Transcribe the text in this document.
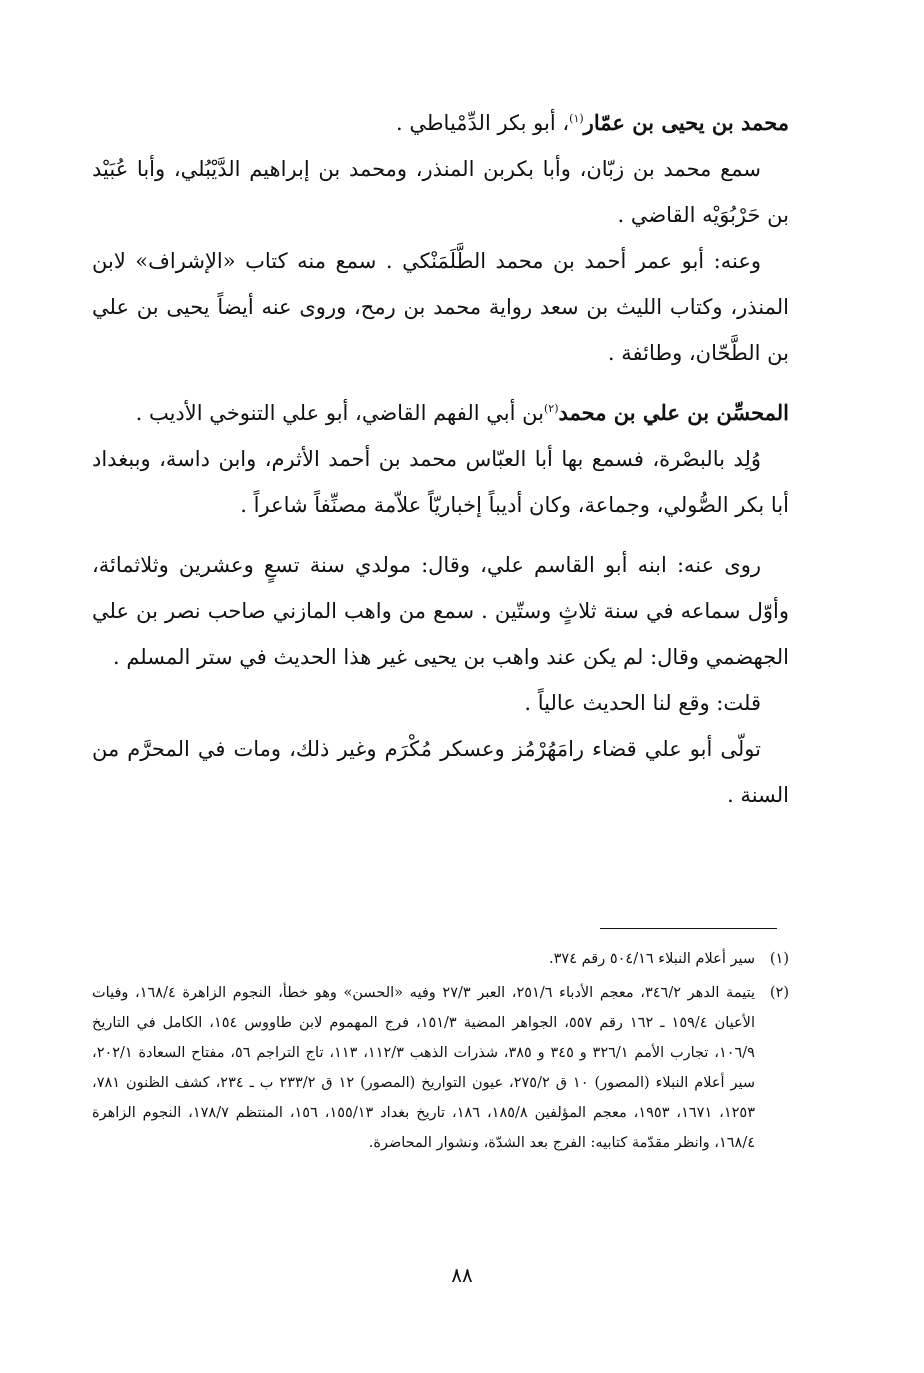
محمد بن يحيى بن عمّار$^{(١)}$، أبو بكر الدِّمْياطي .

سمع محمد بن زبّان، وأبا بكربن المنذر، ومحمد بن إبراهيم الدَّيْبُلي، وأبا عُبَيْد بن حَرْبُوَيْه القاضي .

وعنه: أبو عمر أحمد بن محمد الطَّلَمَنْكي . سمع منه كتاب «الإشراف» لابن المنذر، وكتاب الليث بن سعد رواية محمد بن رمح، وروى عنه أيضاً يحيى بن علي بن الطَّحّان، وطائفة .

المحسِّن بن علي بن محمد$^{(٢)}$بن أبي الفهم القاضي، أبو علي التنوخي الأديب .

وُلِد بالبصْرة، فسمع بها أبا العبّاس محمد بن أحمد الأثرم، وابن داسة، وببغداد أبا بكر الصُّولي، وجماعة، وكان أديباً إخباريّاً علاّمة مصنِّفاً شاعراً .

روى عنه: ابنه أبو القاسم علي، وقال: مولدي سنة تسعٍ وعشرين وثلاثمائة، وأوّل سماعه في سنة ثلاثٍ وستّين . سمع من واهب المازني صاحب نصر بن علي الجهضمي وقال: لم يكن عند واهب بن يحيى غير هذا الحديث في ستر المسلم .

قلت: وقع لنا الحديث عالياً .

تولّى أبو علي قضاء رامَهُرْمُز وعسكر مُكْرَم وغير ذلك، ومات في المحرَّم من السنة .

(١)
سير أعلام النبلاء ٥٠٤/١٦ رقم ٣٧٤.
(٢)
يتيمة الدهر ٣٤٦/٢، معجم الأدباء ٢٥١/٦، العبر ٢٧/٣ وفيه «الحسن» وهو خطأ، النجوم الزاهرة ١٦٨/٤، وفيات الأعيان ١٥٩/٤ ـ ١٦٢ رقم ٥٥٧، الجواهر المضية ١٥١/٣، فرج المهموم لابن طاووس ١٥٤، الكامل في التاريخ ١٠٦/٩، تجارب الأمم ٣٢٦/١ و ٣٤٥ و ٣٨٥، شذرات الذهب ١١٢/٣، ١١٣، تاج التراجم ٥٦، مفتاح السعادة ٢٠٢/١، سير أعلام النبلاء (المصور) ١٠ ق ٢٧٥/٢، عيون التواريخ (المصور) ١٢ ق ٢٣٣/٢ ب ـ ٢٣٤، كشف الظنون ٧٨١، ١٢٥٣، ١٦٧١، ١٩٥٣، معجم المؤلفين ١٨٥/٨، ١٨٦، تاريخ بغداد ١٥٥/١٣، ١٥٦، المنتظم ١٧٨/٧، النجوم الزاهرة ١٦٨/٤، وانظر مقدّمة كتابيه: الفرج بعد الشدّة، ونشوار المحاضرة.
٨٨
